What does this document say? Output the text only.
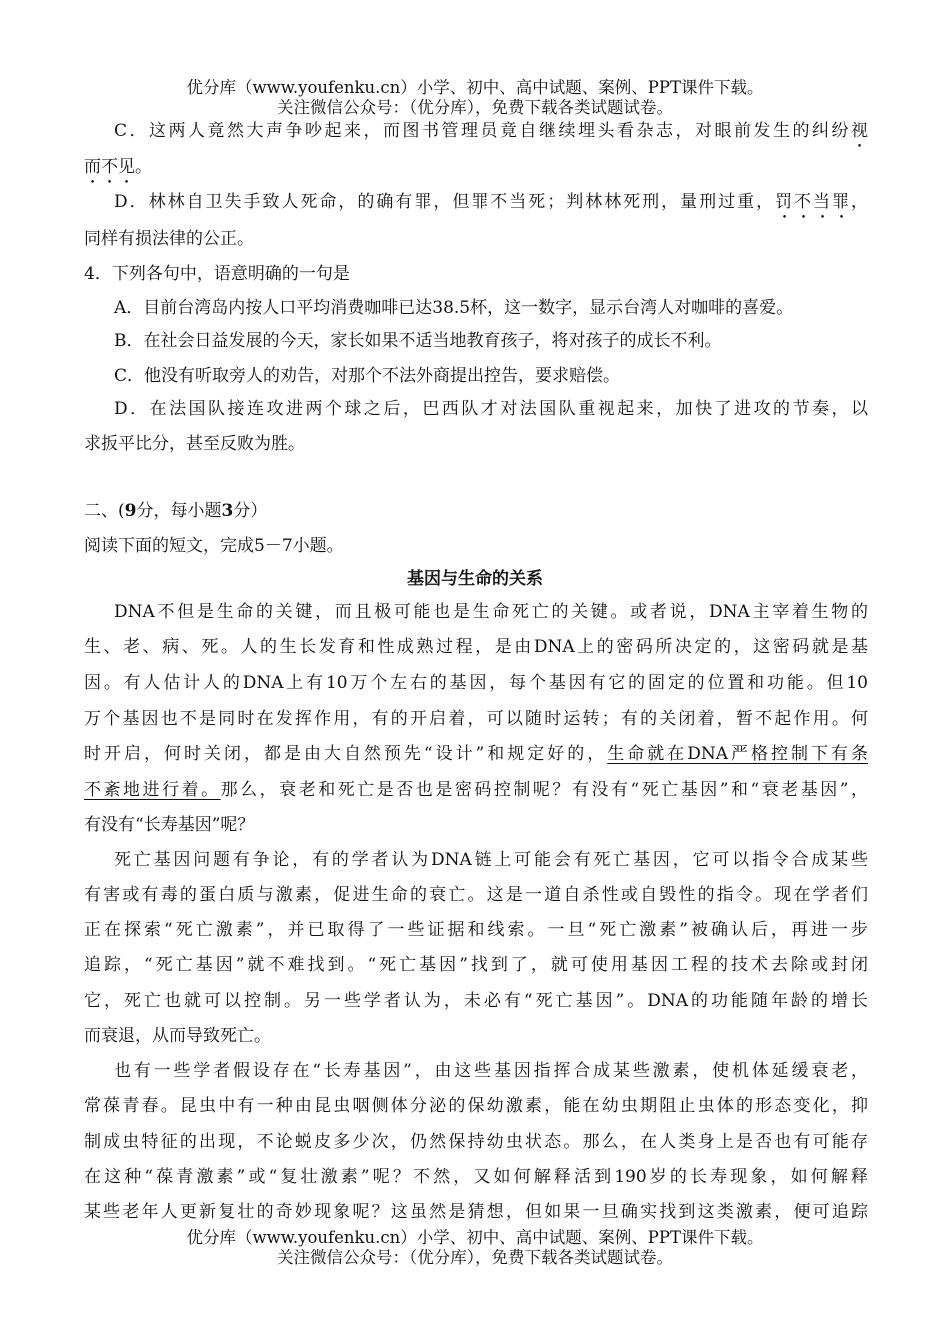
优分库（www.youfenku.cn）小学、初中、高中试题、案例、PPT课件下载。
关注微信公众号：（优分库），免费下载各类试题试卷。
C．这两人竟然大声争吵起来，而图书管理员竟自继续埋头看杂志，对眼前发生的纠纷视
而不见。
D．林林自卫失手致人死命，的确有罪，但罪不当死；判林林死刑，量刑过重，罚不当罪，
同样有损法律的公正。
4．下列各句中，语意明确的一句是
A．目前台湾岛内按人口平均消费咖啡已达38.5杯，这一数字，显示台湾人对咖啡的喜爱。
B．在社会日益发展的今天，家长如果不适当地教育孩子，将对孩子的成长不利。
C．他没有听取旁人的劝告，对那个不法外商提出控告，要求赔偿。
D．在法国队接连攻进两个球之后，巴西队才对法国队重视起来，加快了进攻的节奏，以
求扳平比分，甚至反败为胜。
二、(9分，每小题3分）
阅读下面的短文，完成5－7小题。
基因与生命的关系
DNA不但是生命的关键，而且极可能也是生命死亡的关键。或者说，DNA主宰着生物的
生、老、病、死。人的生长发育和性成熟过程，是由DNA上的密码所决定的，这密码就是基
因。有人估计人的DNA上有10万个左右的基因，每个基因有它的固定的位置和功能。但10
万个基因也不是同时在发挥作用，有的开启着，可以随时运转；有的关闭着，暂不起作用。何
时开启，何时关闭，都是由大自然预先“设计”和规定好的，生命就在DNA严格控制下有条
不紊地进行着。那么，衰老和死亡是否也是密码控制呢？有没有“死亡基因”和“衰老基因”，
有没有“长寿基因”呢？
死亡基因问题有争论，有的学者认为DNA链上可能会有死亡基因，它可以指令合成某些
有害或有毒的蛋白质与激素，促进生命的衰亡。这是一道自杀性或自毁性的指令。现在学者们
正在探索“死亡激素”，并已取得了一些证据和线索。一旦“死亡激素”被确认后，再进一步
追踪，“死亡基因”就不难找到。“死亡基因”找到了，就可使用基因工程的技术去除或封闭
它，死亡也就可以控制。另一些学者认为，未必有“死亡基因”。DNA的功能随年龄的增长
而衰退，从而导致死亡。
也有一些学者假设存在“长寿基因”，由这些基因指挥合成某些激素，使机体延缓衰老，
常葆青春。昆虫中有一种由昆虫咽侧体分泌的保幼激素，能在幼虫期阻止虫体的形态变化，抑
制成虫特征的出现，不论蜕皮多少次，仍然保持幼虫状态。那么，在人类身上是否也有可能存
在这种“葆青激素”或“复壮激素”呢？不然，又如何解释活到190岁的长寿现象，如何解释
某些老年人更新复壮的奇妙现象呢？这虽然是猜想，但如果一旦确实找到这类激素，便可追踪
优分库（www.youfenku.cn）小学、初中、高中试题、案例、PPT课件下载。
关注微信公众号：（优分库），免费下载各类试题试卷。
